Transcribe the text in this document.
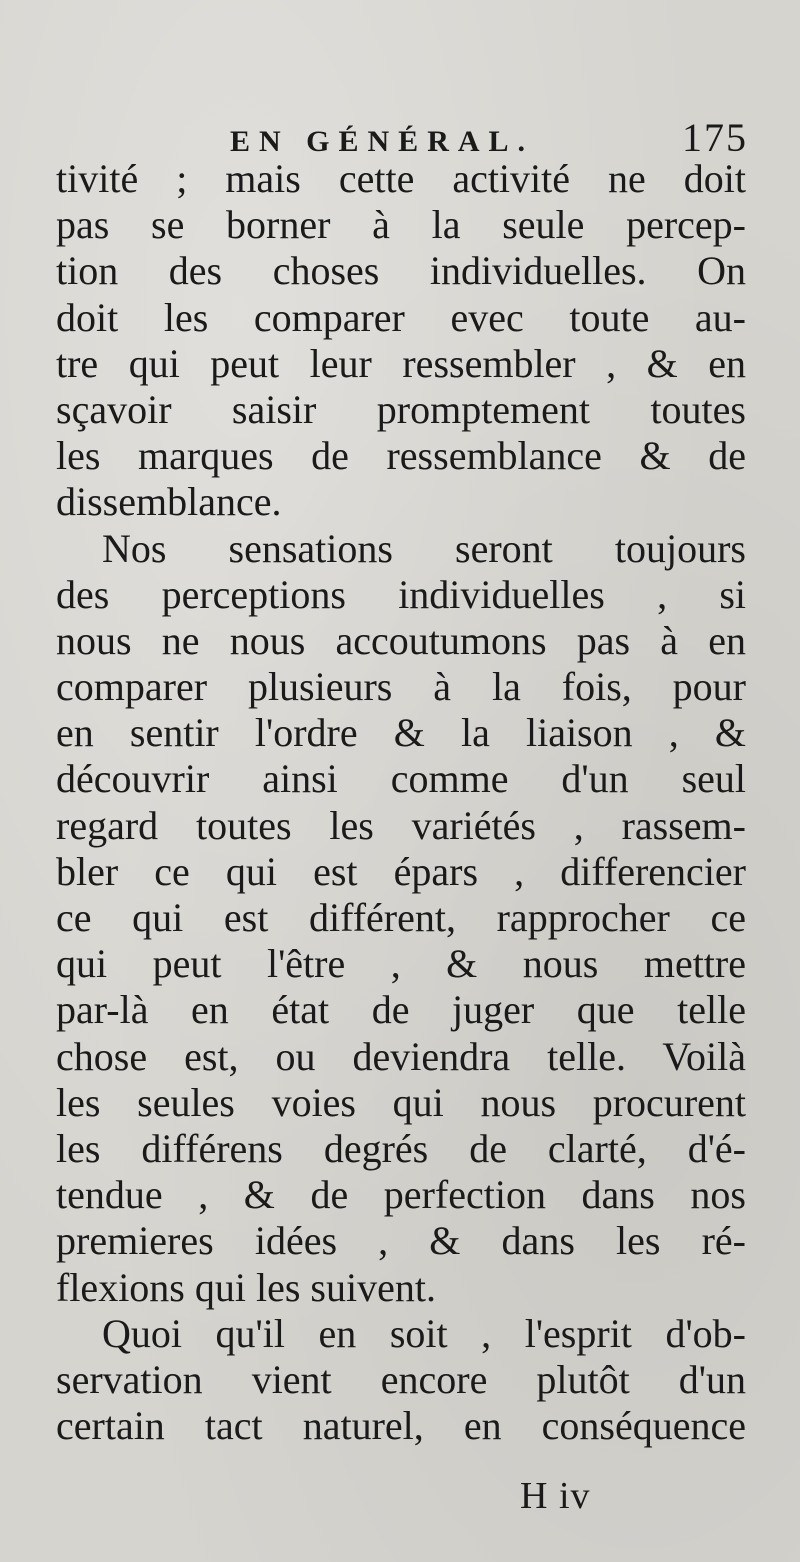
EN GÉNÉRAL.	175
tivité ; mais cette activité ne doit
pas se borner à la seule percep-
tion des choses individuelles. On
doit les comparer evec toute au-
tre qui peut leur ressembler , & en
sçavoir saisir promptement toutes
les marques de ressemblance & de
dissemblance.
Nos sensations seront toujours
des perceptions individuelles , si
nous ne nous accoutumons pas à en
comparer plusieurs à la fois, pour
en sentir l'ordre & la liaison , &
découvrir ainsi comme d'un seul
regard toutes les variétés , rassem-
bler ce qui est épars , differencier
ce qui est différent, rapprocher ce
qui peut l'être , & nous mettre
par-là en état de juger que telle
chose est, ou deviendra telle. Voilà
les seules voies qui nous procurent
les différens degrés de clarté, d'é-
tendue , & de perfection dans nos
premieres idées , & dans les ré-
flexions qui les suivent.
Quoi qu'il en soit , l'esprit d'ob-
servation vient encore plutôt d'un
certain tact naturel, en conséquence
H iv
